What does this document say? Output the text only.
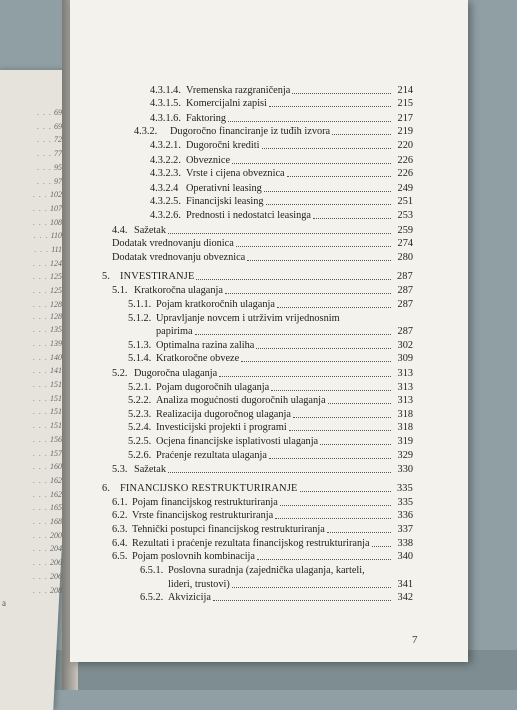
. . . 69
. . . 69
. . . 72
. . . 77
. . . 95
. . . 97
. . . 102
. . . 107
. . . 108
. . . 110
. . . 111
. . . 124
. . . 125
. . . 125
. . . 128
. . . 128
. . . 135
. . . 139
. . . 140
. . . 141
. . . 151
. . . 151
. . . 151
. . . 151
. . . 156
. . . 157
. . . 160
. . . 162
. . . 162
. . . 165
. . . 168
. . . 200
. . . 204
. . . 206
. . . 206
. . . 208
a
4.3.1.4. Vremenska razgraničenja	214
4.3.1.5. Komercijalni zapisi	215
4.3.1.6. Faktoring	217
4.3.2.	Dugoročno financiranje iz tuđih izvora	219
4.3.2.1. Dugoročni krediti	220
4.3.2.2. Obveznice	226
4.3.2.3. Vrste i cijena obveznica	226
4.3.2.4 Operativni leasing	249
4.3.2.5. Financijski leasing	251
4.3.2.6. Prednosti i nedostatci leasinga	253
4.4. Sažetak	259
Dodatak vrednovanju dionica	274
Dodatak vrednovanju obveznica	280
5. INVESTIRANJE	287
5.1. Kratkoročna ulaganja	287
5.1.1. Pojam kratkoročnih ulaganja	287
5.1.2. Upravljanje novcem i utrživim vrijednosnim
papirima	287
5.1.3. Optimalna razina zaliha	302
5.1.4. Kratkoročne obveze	309
5.2. Dugoročna ulaganja	313
5.2.1. Pojam dugoročnih ulaganja	313
5.2.2. Analiza mogućnosti dugoročnih ulaganja	313
5.2.3. Realizacija dugoročnog ulaganja	318
5.2.4. Investicijski projekti i programi	318
5.2.5. Ocjena financijske isplativosti ulaganja	319
5.2.6. Praćenje rezultata ulaganja	329
5.3. Sažetak	330
6. FINANCIJSKO RESTRUKTURIRANJE	335
6.1. Pojam financijskog restrukturiranja	335
6.2. Vrste financijskog restrukturiranja	336
6.3. Tehnički postupci financijskog restrukturiranja	337
6.4. Rezultati i praćenje rezultata financijskog restrukturiranja	338
6.5. Pojam poslovnih kombinacija	340
6.5.1. Poslovna suradnja (zajednička ulaganja, karteli,
lideri, trustovi)	341
6.5.2. Akvizicija	342
7
